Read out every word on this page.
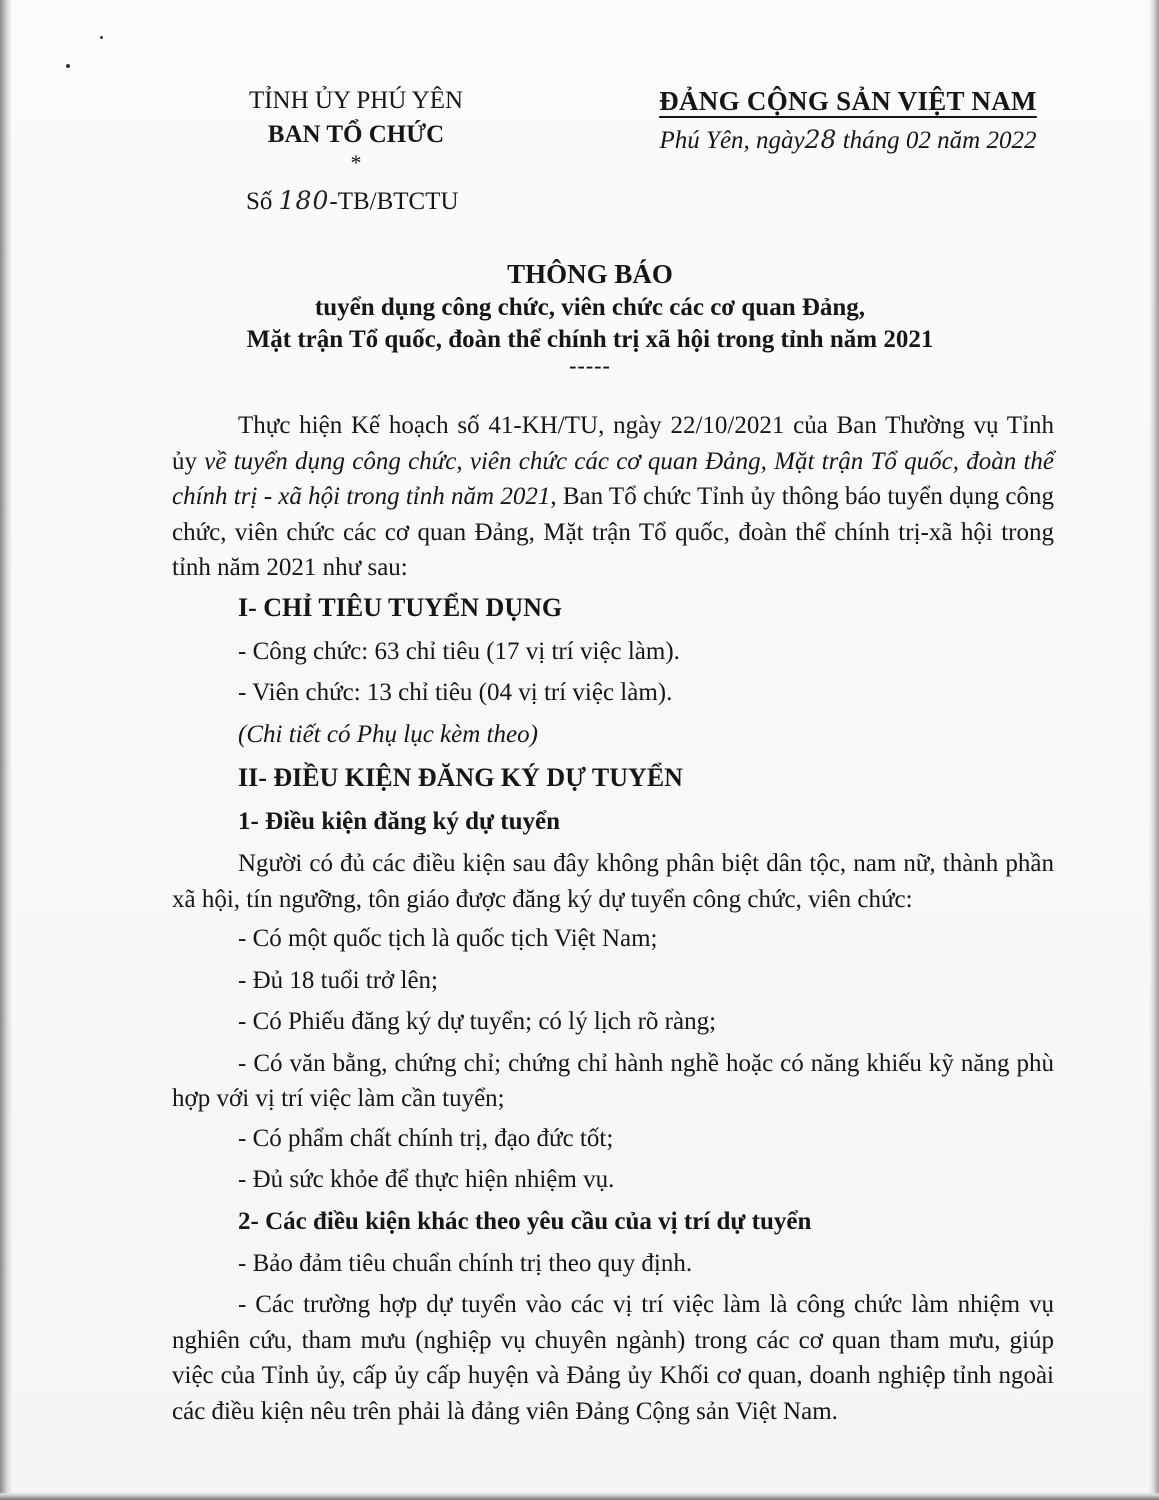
TỈNH ỦY PHÚ YÊN
BAN TỔ CHỨC
*
Số 180-TB/BTCTU
ĐẢNG CỘNG SẢN VIỆT NAM
Phú Yên, ngày28 tháng 02 năm 2022
THÔNG BÁO
tuyển dụng công chức, viên chức các cơ quan Đảng,
Mặt trận Tổ quốc, đoàn thể chính trị xã hội trong tỉnh năm 2021
-----

Thực hiện Kế hoạch số 41-KH/TU, ngày 22/10/2021 của Ban Thường vụ Tỉnh ủy về tuyển dụng công chức, viên chức các cơ quan Đảng, Mặt trận Tổ quốc, đoàn thể chính trị - xã hội trong tỉnh năm 2021, Ban Tổ chức Tỉnh ủy thông báo tuyển dụng công chức, viên chức các cơ quan Đảng, Mặt trận Tổ quốc, đoàn thể chính trị-xã hội trong tỉnh năm 2021 như sau:

I- CHỈ TIÊU TUYỂN DỤNG
- Công chức: 63 chỉ tiêu (17 vị trí việc làm).
- Viên chức: 13 chỉ tiêu (04 vị trí việc làm).
(Chi tiết có Phụ lục kèm theo)
II- ĐIỀU KIỆN ĐĂNG KÝ DỰ TUYỂN
1- Điều kiện đăng ký dự tuyển

Người có đủ các điều kiện sau đây không phân biệt dân tộc, nam nữ, thành phần xã hội, tín ngưỡng, tôn giáo được đăng ký dự tuyển công chức, viên chức:

- Có một quốc tịch là quốc tịch Việt Nam;
- Đủ 18 tuổi trở lên;
- Có Phiếu đăng ký dự tuyển; có lý lịch rõ ràng;

- Có văn bằng, chứng chỉ; chứng chỉ hành nghề hoặc có năng khiếu kỹ năng phù hợp với vị trí việc làm cần tuyển;

- Có phẩm chất chính trị, đạo đức tốt;
- Đủ sức khỏe để thực hiện nhiệm vụ.
2- Các điều kiện khác theo yêu cầu của vị trí dự tuyển
- Bảo đảm tiêu chuẩn chính trị theo quy định.

- Các trường hợp dự tuyển vào các vị trí việc làm là công chức làm nhiệm vụ nghiên cứu, tham mưu (nghiệp vụ chuyên ngành) trong các cơ quan tham mưu, giúp việc của Tỉnh ủy, cấp ủy cấp huyện và Đảng ủy Khối cơ quan, doanh nghiệp tỉnh ngoài các điều kiện nêu trên phải là đảng viên Đảng Cộng sản Việt Nam.
